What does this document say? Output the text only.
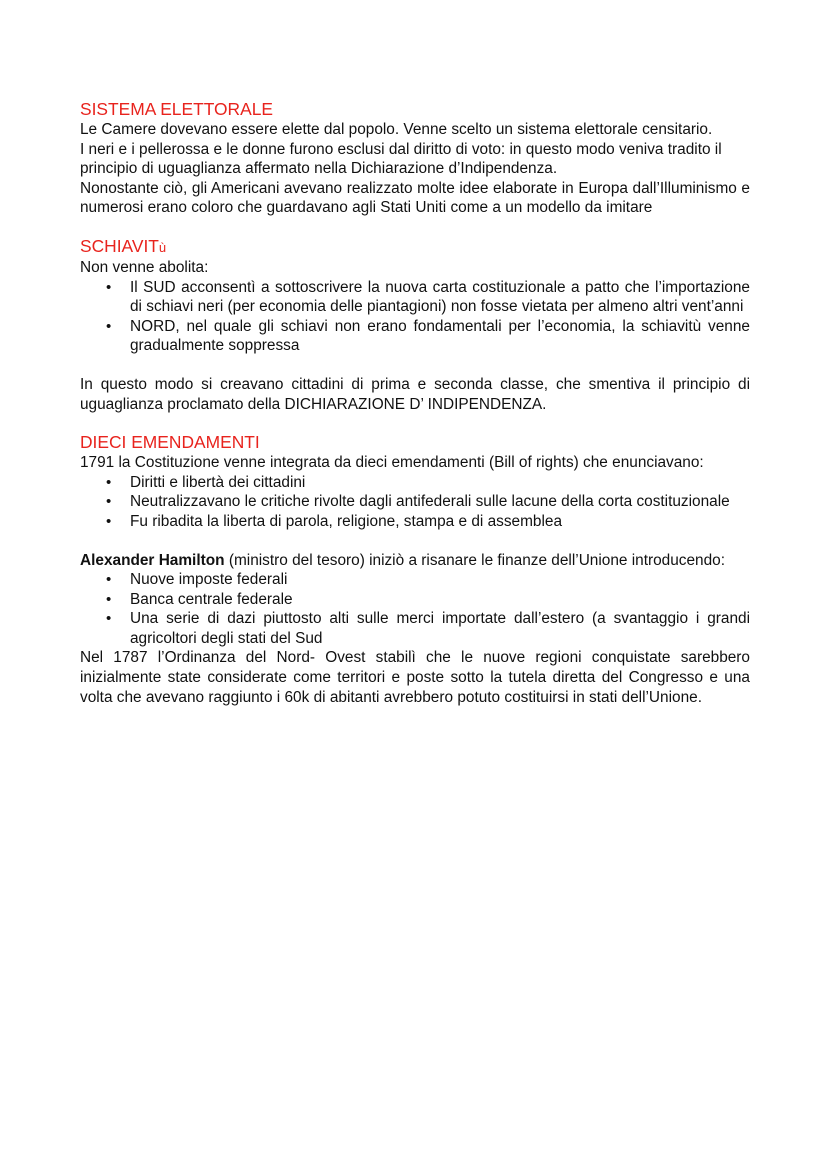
SISTEMA ELETTORALE

Le Camere dovevano essere elette dal popolo. Venne scelto un sistema elettorale censitario.

I neri e i pellerossa e le donne furono esclusi dal diritto di voto: in questo modo veniva tradito il principio di uguaglianza affermato nella Dichiarazione d’Indipendenza.

Nonostante ciò, gli Americani avevano realizzato molte idee elaborate in Europa dall’Illuminismo e numerosi erano coloro che guardavano agli Stati Uniti come a un modello da imitare

SCHIAVITù

Non venne abolita:

• Il SUD acconsentì a sottoscrivere la nuova carta costituzionale a patto che l’importazione di schiavi neri (per economia delle piantagioni) non fosse vietata per almeno altri vent’anni
• NORD, nel quale gli schiavi non erano fondamentali per l’economia, la schiavitù venne gradualmente soppressa

In questo modo si creavano cittadini di prima e seconda classe, che smentiva il principio di uguaglianza proclamato della DICHIARAZIONE D’ INDIPENDENZA.

DIECI EMENDAMENTI

1791 la Costituzione venne integrata da dieci emendamenti (Bill of rights) che enunciavano:

• Diritti e libertà dei cittadini
• Neutralizzavano le critiche rivolte dagli antifederali sulle lacune della corta costituzionale
• Fu ribadita la liberta di parola, religione, stampa e di assemblea

Alexander Hamilton (ministro del tesoro) iniziò a risanare le finanze dell’Unione introducendo:

• Nuove imposte federali
• Banca centrale federale
• Una serie di dazi piuttosto alti sulle merci importate dall’estero (a svantaggio i grandi agricoltori degli stati del Sud

Nel 1787 l’Ordinanza del Nord- Ovest stabilì che le nuove regioni conquistate sarebbero inizialmente state considerate come territori e poste sotto la tutela diretta del Congresso e una volta che avevano raggiunto i 60k di abitanti avrebbero potuto costituirsi in stati dell’Unione.
